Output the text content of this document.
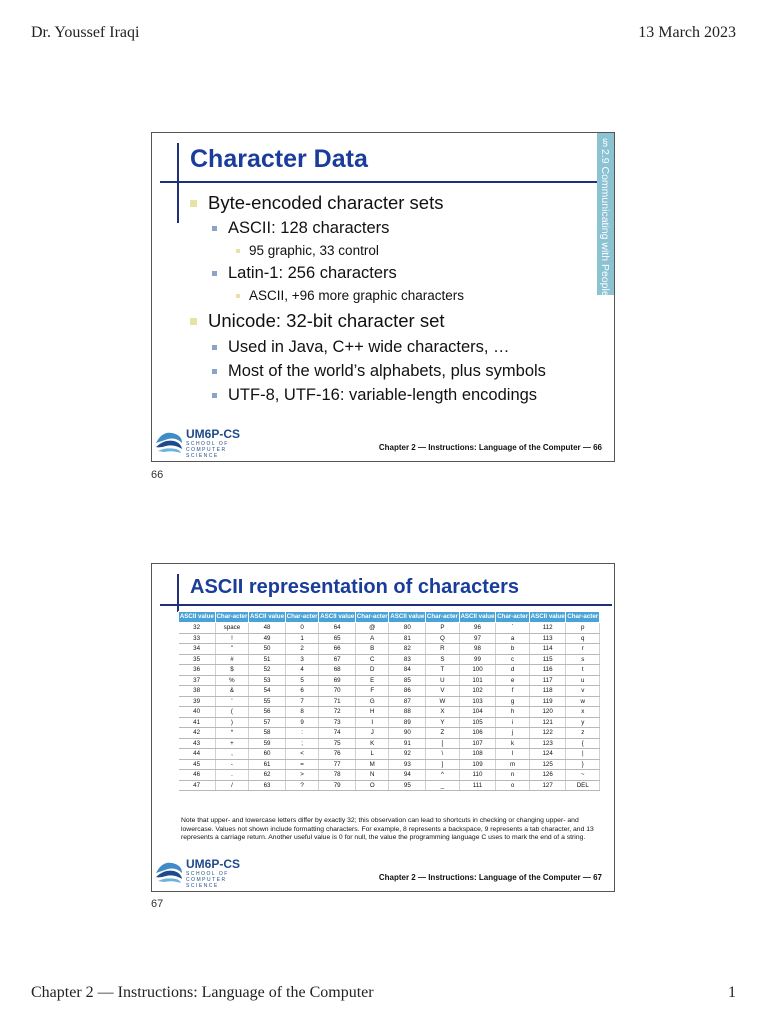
Dr. Youssef Iraqi	13 March 2023
Character Data	§2.9 Communicating with People
Byte-encoded character sets
ASCII: 128 characters
95 graphic, 33 control
Latin-1: 256 characters
ASCII, +96 more graphic characters
Unicode: 32-bit character set
Used in Java, C++ wide characters, …
Most of the world’s alphabets, plus symbols
UTF-8, UTF-16: variable-length encodings
UM6P-CS
SCHOOL OF
COMPUTER SCIENCE
Chapter 2 — Instructions: Language of the Computer — 66
66
ASCII representation of characters
ASCII value	Char-acter	ASCII value	Char-acter	ASCII value	Char-acter	ASCII value	Char-acter	ASCII value	Char-acter	ASCII value	Char-acter
32	space	48	0	64	@	80	P	96	`	112	p
33	!	49	1	65	A	81	Q	97	a	113	q
34	"	50	2	66	B	82	R	98	b	114	r
35	#	51	3	67	C	83	S	99	c	115	s
36	$	52	4	68	D	84	T	100	d	116	t
37	%	53	5	69	E	85	U	101	e	117	u
38	&	54	6	70	F	86	V	102	f	118	v
39	'	55	7	71	G	87	W	103	g	119	w
40	(	56	8	72	H	88	X	104	h	120	x
41	)	57	9	73	I	89	Y	105	i	121	y
42	*	58	:	74	J	90	Z	106	j	122	z
43	+	59	;	75	K	91	[	107	k	123	{
44	,	60	<	76	L	92	\	108	l	124	|
45	-	61	=	77	M	93	]	109	m	125	}
46	.	62	>	78	N	94	^	110	n	126	~
47	/	63	?	79	O	95	_	111	o	127	DEL
Note that upper- and lowercase letters differ by exactly 32; this observation can lead to shortcuts in checking or changing upper- and lowercase. Values not shown include formatting characters. For example, 8 represents a backspace, 9 represents a tab character, and 13 represents a carriage return. Another useful value is 0 for null, the value the programming language C uses to mark the end of a string.
UM6P-CS
SCHOOL OF
COMPUTER SCIENCE
Chapter 2 — Instructions: Language of the Computer — 67
67
Chapter 2 — Instructions: Language of the Computer	1
